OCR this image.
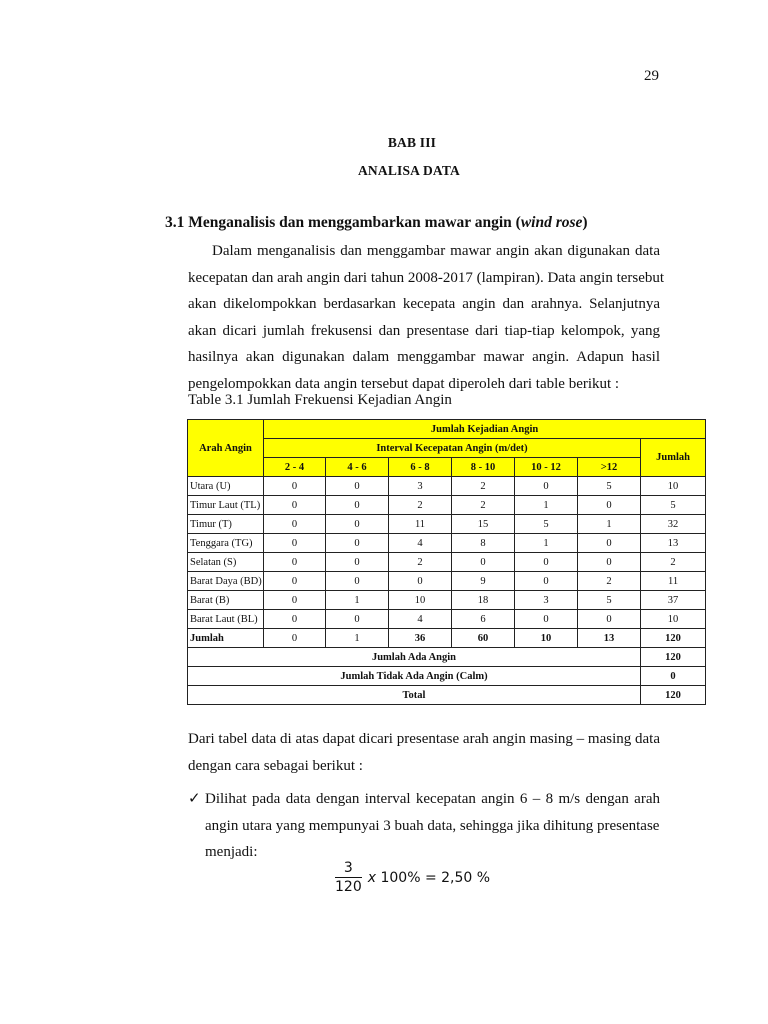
29
BAB III
ANALISA DATA
3.1 Menganalisis dan menggambarkan mawar angin (wind rose)
Dalam menganalisis dan menggambar mawar angin akan digunakan data
kecepatan dan arah angin dari tahun 2008-2017 (lampiran). Data angin tersebut
akan dikelompokkan berdasarkan kecepata angin dan arahnya. Selanjutnya
akan dicari jumlah frekusensi dan presentase dari tiap-tiap kelompok, yang
hasilnya akan digunakan dalam menggambar mawar angin. Adapun hasil
pengelompokkan data angin tersebut dapat diperoleh dari table berikut :
Table 3.1 Jumlah Frekuensi Kejadian Angin
Arah Angin	Jumlah Kejadian Angin						
	Interval Kecepatan Angin (m/det)						Jumlah
	2 - 4	4 - 6	6 - 8	8 - 10	10 - 12	>12	
Utara (U)	0	0	3	2	0	5	10
Timur Laut (TL)	0	0	2	2	1	0	5
Timur (T)	0	0	11	15	5	1	32
Tenggara (TG)	0	0	4	8	1	0	13
Selatan (S)	0	0	2	0	0	0	2
Barat Daya (BD)	0	0	0	9	0	2	11
Barat (B)	0	1	10	18	3	5	37
Barat Laut (BL)	0	0	4	6	0	0	10
Jumlah	0	1	36	60	10	13	120
Jumlah Ada Angin							120
Jumlah Tidak Ada Angin (Calm)							0
Total							120
Dari tabel data di atas dapat dicari presentase arah angin masing – masing data
dengan cara sebagai berikut :
✓ Dilihat pada data dengan interval kecepatan angin 6 – 8 m/s dengan arah
angin utara yang mempunyai 3 buah data, sehingga jika dihitung presentase
menjadi:
$\frac{3}{120}$ x 100% = 2,50 %
